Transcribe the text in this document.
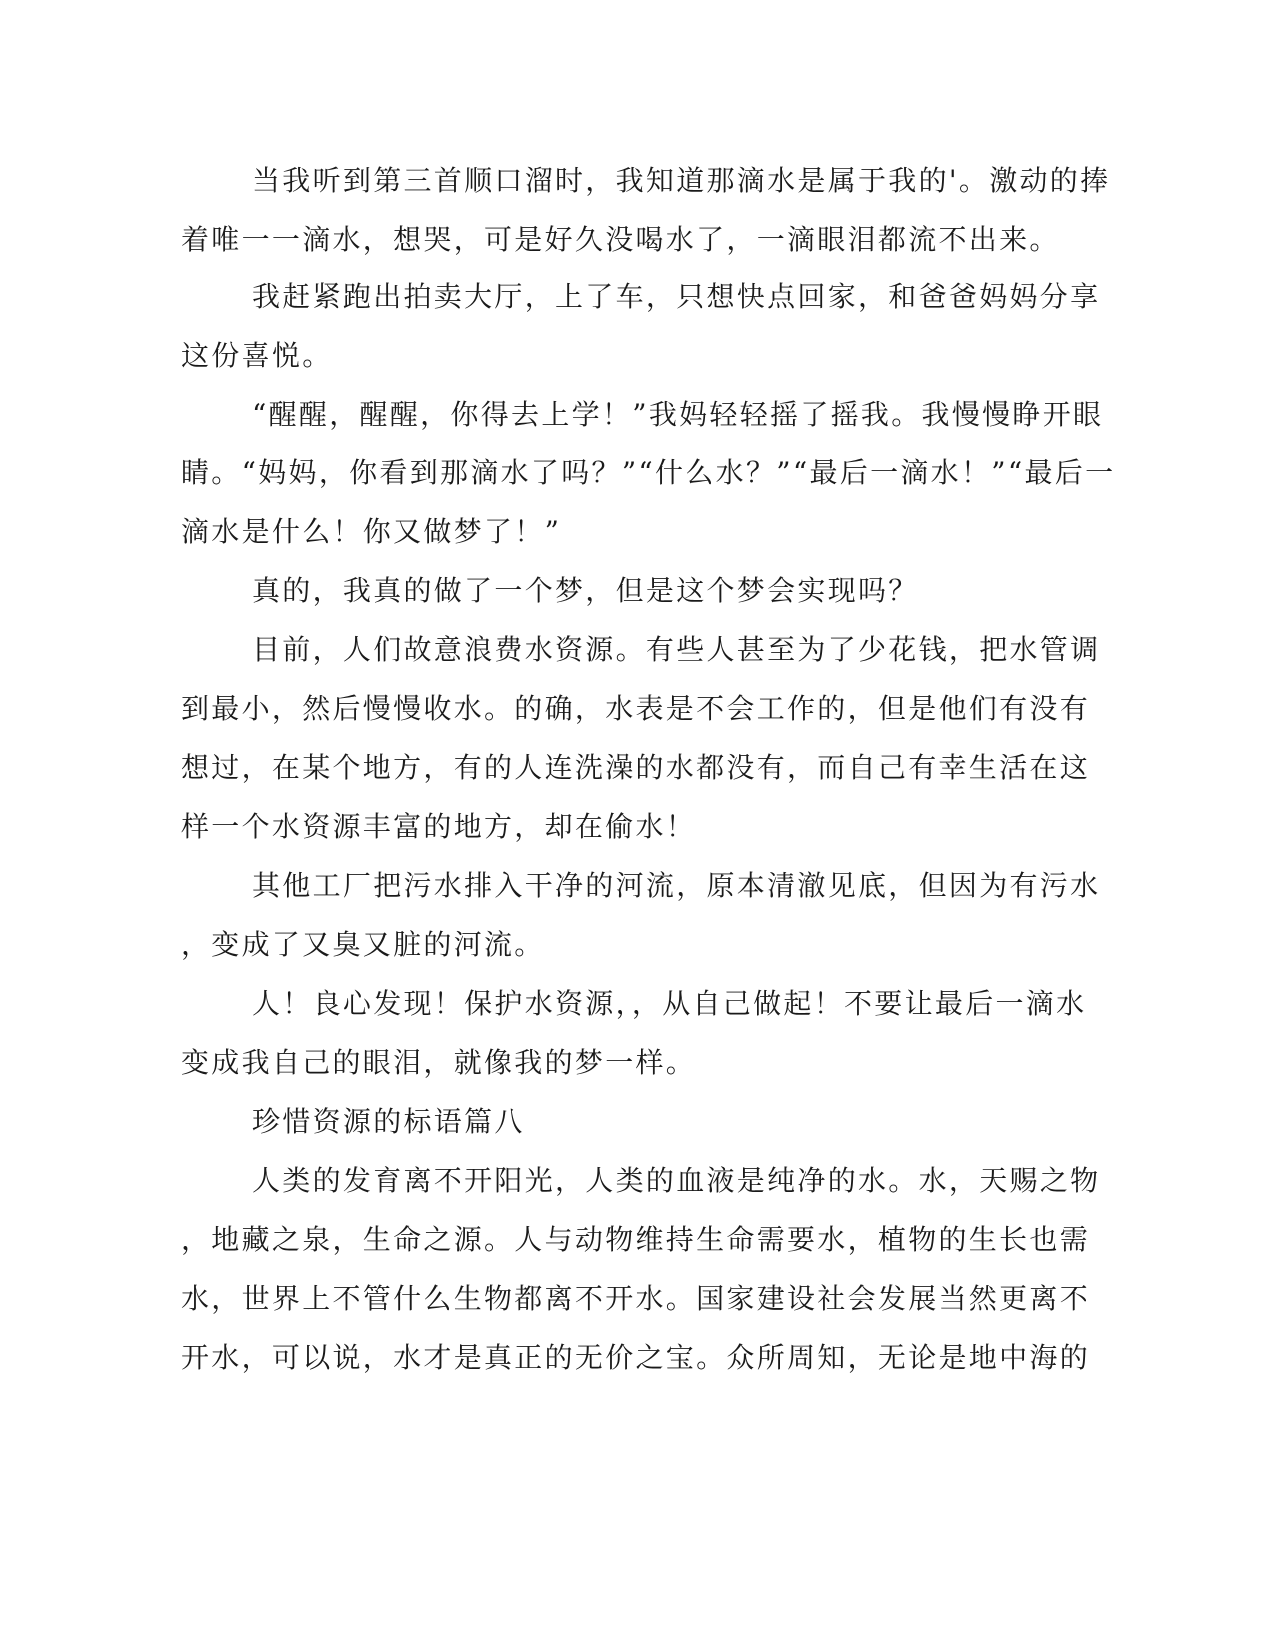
当我听到第三首顺口溜时，我知道那滴水是属于我的'。激动的捧
着唯一一滴水，想哭，可是好久没喝水了，一滴眼泪都流不出来。
我赶紧跑出拍卖大厅，上了车，只想快点回家，和爸爸妈妈分享
这份喜悦。
“醒醒，醒醒，你得去上学！”我妈轻轻摇了摇我。我慢慢睁开眼
睛。“妈妈，你看到那滴水了吗？”“什么水？”“最后一滴水！”“最后一
滴水是什么！你又做梦了！”
真的，我真的做了一个梦，但是这个梦会实现吗？
目前，人们故意浪费水资源。有些人甚至为了少花钱，把水管调
到最小，然后慢慢收水。的确，水表是不会工作的，但是他们有没有
想过，在某个地方，有的人连洗澡的水都没有，而自己有幸生活在这
样一个水资源丰富的地方，却在偷水！
其他工厂把污水排入干净的河流，原本清澈见底，但因为有污水
，变成了又臭又脏的河流。
人！良心发现！保护水资源，，从自己做起！不要让最后一滴水
变成我自己的眼泪，就像我的梦一样。
珍惜资源的标语篇八
人类的发育离不开阳光，人类的血液是纯净的水。水，天赐之物
，地藏之泉，生命之源。人与动物维持生命需要水，植物的生长也需
水，世界上不管什么生物都离不开水。国家建设社会发展当然更离不
开水，可以说，水才是真正的无价之宝。众所周知，无论是地中海的
